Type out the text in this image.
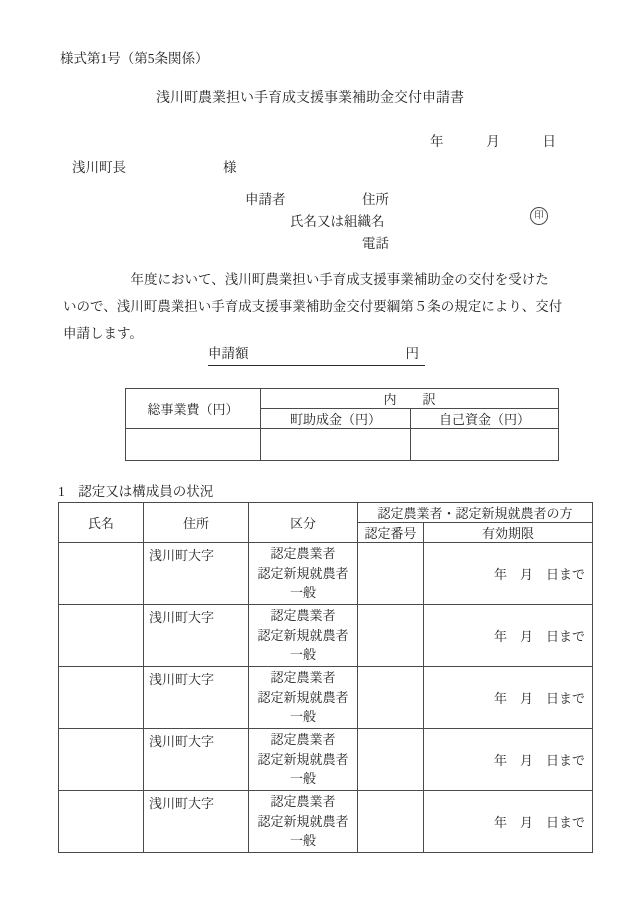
様式第1号（第5条関係）
浅川町農業担い手育成支援事業補助金交付申請書
年	月	日
浅川町長	様
申請者	住所
氏名又は組織名	印
電話
　　　　　年度において、浅川町農業担い手育成支援事業補助金の交付を受けた
いので、浅川町農業担い手育成支援事業補助金交付要綱第５条の規定により、交付
申請します。
申請額	円
総事業費（円）	内　　訳	
	町助成金（円）	自己資金（円）

1　認定又は構成員の状況
氏名	住所	区分	認定農業者・認定新規就農者の方	
			認定番号	有効期限
	浅川町大字	認定農業者
認定新規就農者
一般		年　月　日まで
	浅川町大字	認定農業者
認定新規就農者
一般		年　月　日まで
	浅川町大字	認定農業者
認定新規就農者
一般		年　月　日まで
	浅川町大字	認定農業者
認定新規就農者
一般		年　月　日まで
	浅川町大字	認定農業者
認定新規就農者
一般		年　月　日まで
